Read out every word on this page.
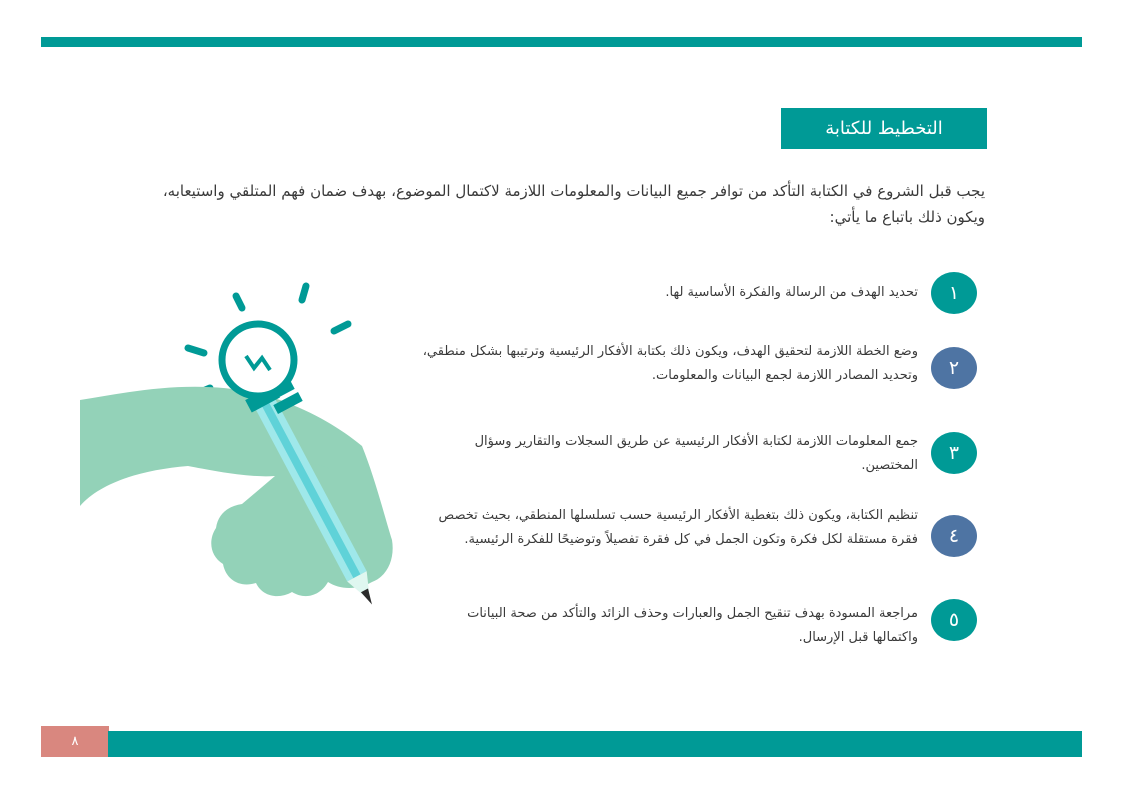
التخطيط للكتابة
يجب قبل الشروع في الكتابة التأكد من توافر جميع البيانات والمعلومات اللازمة لاكتمال الموضوع، بهدف ضمان فهم المتلقي واستيعابه، ويكون ذلك باتباع ما يأتي:
١
تحديد الهدف من الرسالة والفكرة الأساسية لها.
٢
وضع الخطة اللازمة لتحقيق الهدف، ويكون ذلك بكتابة الأفكار الرئيسية وترتيبها بشكل منطقي، وتحديد المصادر اللازمة لجمع البيانات والمعلومات.
٣
جمع المعلومات اللازمة لكتابة الأفكار الرئيسية عن طريق السجلات والتقارير وسؤال المختصين.
٤
تنظيم الكتابة، ويكون ذلك بتغطية الأفكار الرئيسية حسب تسلسلها المنطقي، بحيث تخصص فقرة مستقلة لكل فكرة وتكون الجمل في كل فقرة تفصيلاً وتوضيحًا للفكرة الرئيسية.
٥
مراجعة المسودة بهدف تنقيح الجمل والعبارات وحذف الزائد والتأكد من صحة البيانات واكتمالها قبل الإرسال.
٨
